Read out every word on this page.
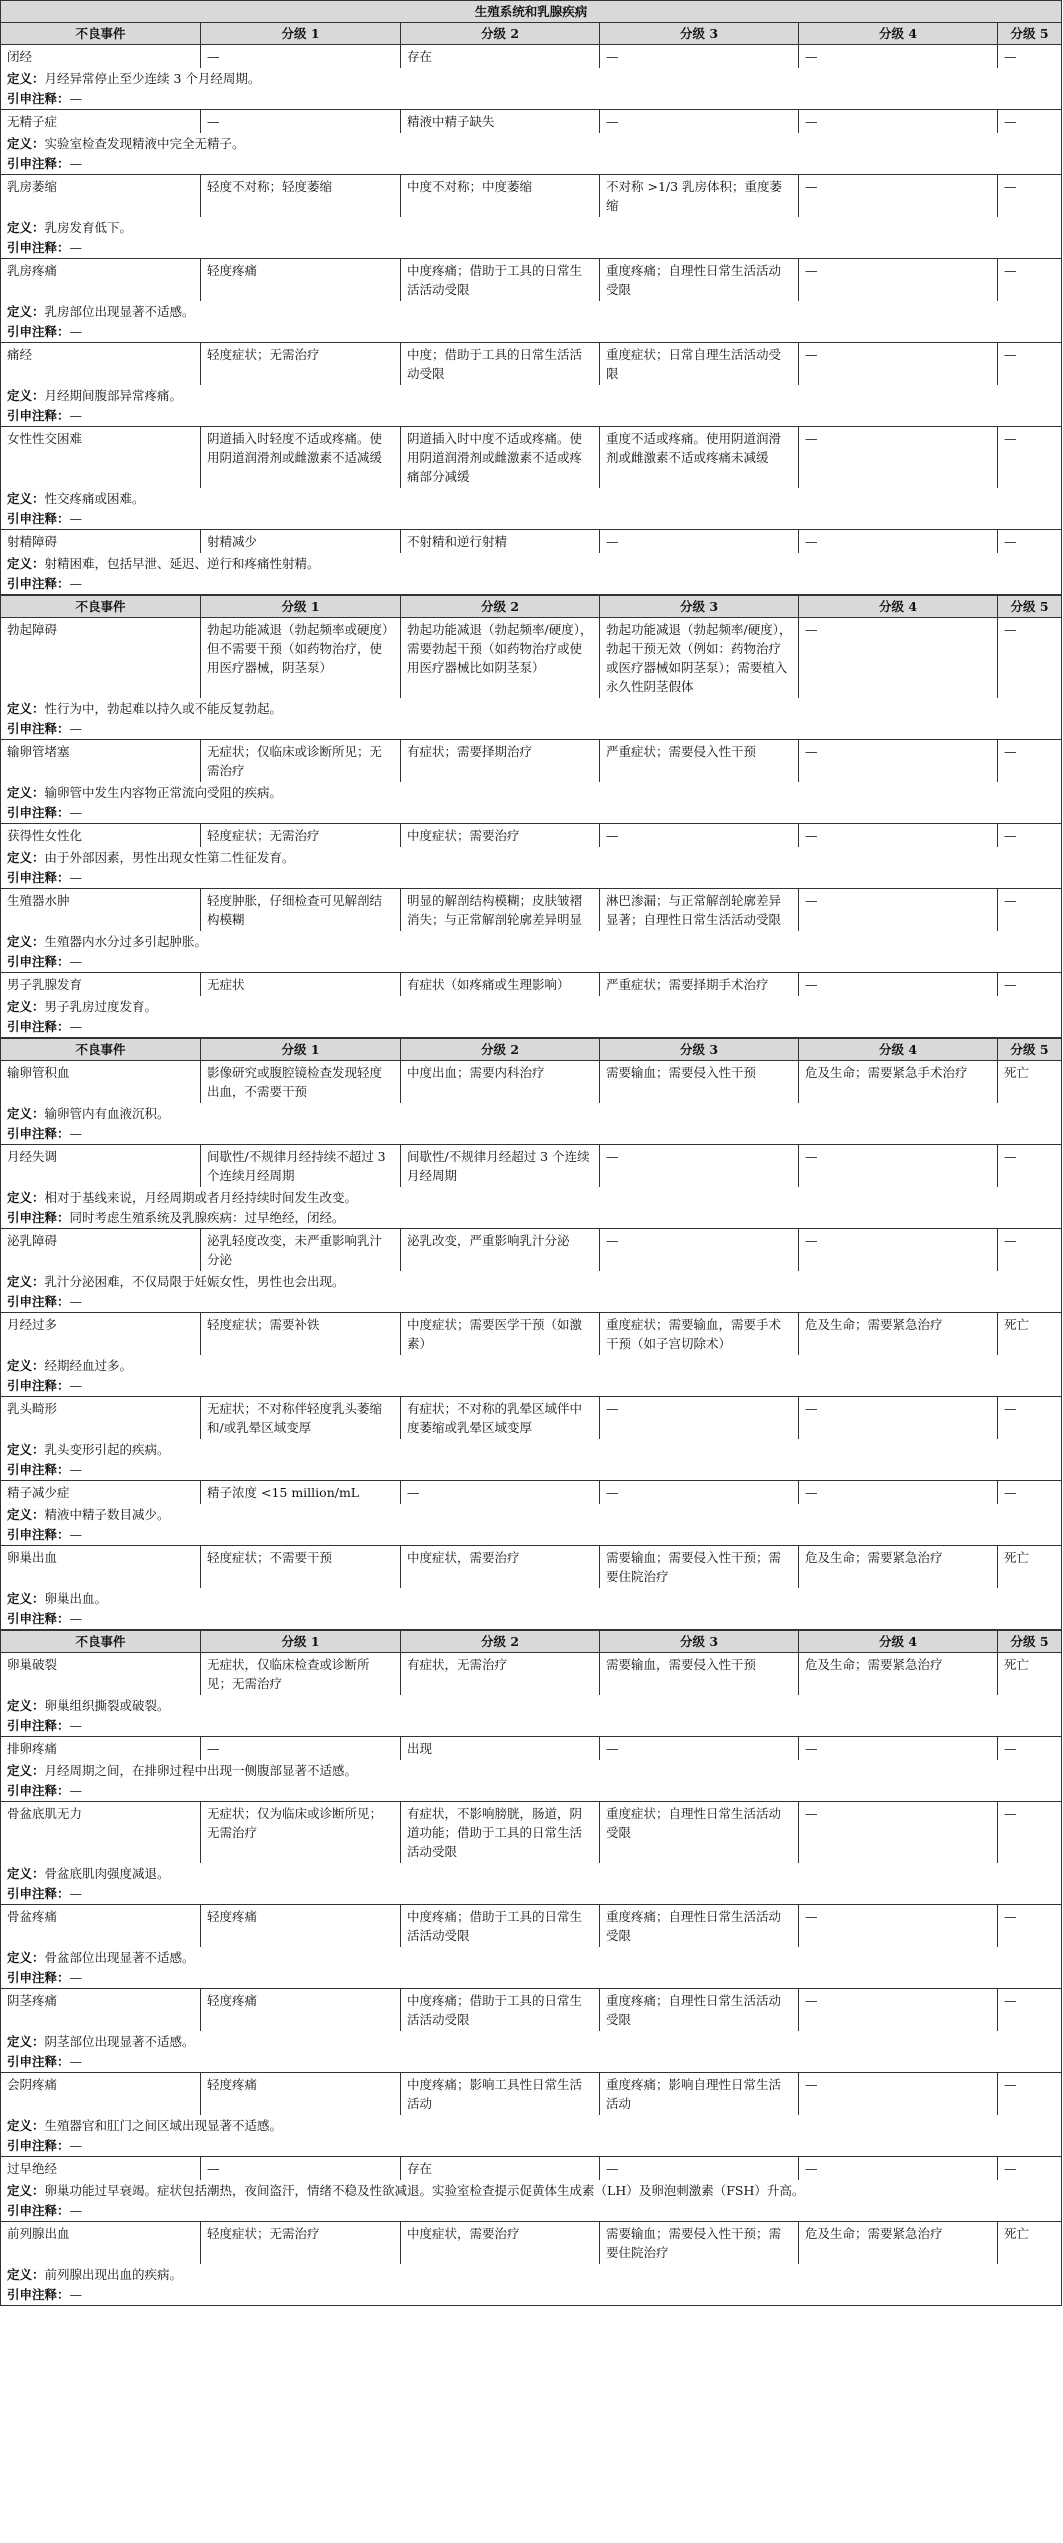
生殖系统和乳腺疾病					
不良事件	分级 1	分级 2	分级 3	分级 4	分级 5
闭经	—	存在	—	—	—
定义：月经异常停止至少连续 3 个月经周期。					
引申注释：—					
无精子症	—	精液中精子缺失	—	—	—
定义：实验室检查发现精液中完全无精子。					
引申注释：—					
乳房萎缩	轻度不对称；轻度萎缩	中度不对称；中度萎缩	不对称 >1/3 乳房体积；重度萎缩	—	—
定义：乳房发育低下。					
引申注释：—					
乳房疼痛	轻度疼痛	中度疼痛；借助于工具的日常生活活动受限	重度疼痛；自理性日常生活活动受限	—	—
定义：乳房部位出现显著不适感。					
引申注释：—					
痛经	轻度症状；无需治疗	中度；借助于工具的日常生活活动受限	重度症状；日常自理生活活动受限	—	—
定义：月经期间腹部异常疼痛。					
引申注释：—					
女性性交困难	阴道插入时轻度不适或疼痛。使用阴道润滑剂或雌激素不适减缓	阴道插入时中度不适或疼痛。使用阴道润滑剂或雌激素不适或疼痛部分减缓	重度不适或疼痛。使用阴道润滑剂或雌激素不适或疼痛未减缓	—	—
定义：性交疼痛或困难。					
引申注释：—					
射精障碍	射精减少	不射精和逆行射精	—	—	—
定义：射精困难，包括早泄、延迟、逆行和疼痛性射精。					
引申注释：—					
不良事件	分级 1	分级 2	分级 3	分级 4	分级 5
勃起障碍	勃起功能减退（勃起频率或硬度）但不需要干预（如药物治疗，使用医疗器械，阴茎泵）	勃起功能减退（勃起频率/硬度），需要勃起干预（如药物治疗或使用医疗器械比如阴茎泵）	勃起功能减退（勃起频率/硬度），勃起干预无效（例如：药物治疗或医疗器械如阴茎泵）；需要植入永久性阴茎假体	—	—
定义：性行为中，勃起难以持久或不能反复勃起。					
引申注释：—					
输卵管堵塞	无症状；仅临床或诊断所见；无需治疗	有症状；需要择期治疗	严重症状；需要侵入性干预	—	—
定义：输卵管中发生内容物正常流向受阻的疾病。					
引申注释：—					
获得性女性化	轻度症状；无需治疗	中度症状；需要治疗	—	—	—
定义：由于外部因素，男性出现女性第二性征发育。					
引申注释：—					
生殖器水肿	轻度肿胀，仔细检查可见解剖结构模糊	明显的解剖结构模糊；皮肤皱褶消失；与正常解剖轮廓差异明显	淋巴渗漏；与正常解剖轮廓差异显著；自理性日常生活活动受限	—	—
定义：生殖器内水分过多引起肿胀。					
引申注释：—					
男子乳腺发育	无症状	有症状（如疼痛或生理影响）	严重症状；需要择期手术治疗	—	—
定义：男子乳房过度发育。					
引申注释：—					
不良事件	分级 1	分级 2	分级 3	分级 4	分级 5
输卵管积血	影像研究或腹腔镜检查发现轻度出血，不需要干预	中度出血；需要内科治疗	需要输血；需要侵入性干预	危及生命；需要紧急手术治疗	死亡
定义：输卵管内有血液沉积。					
引申注释：—					
月经失调	间歇性/不规律月经持续不超过 3 个连续月经周期	间歇性/不规律月经超过 3 个连续月经周期	—	—	—
定义：相对于基线来说，月经周期或者月经持续时间发生改变。					
引申注释：同时考虑生殖系统及乳腺疾病：过早绝经，闭经。					
泌乳障碍	泌乳轻度改变，未严重影响乳汁分泌	泌乳改变，严重影响乳汁分泌	—	—	—
定义：乳汁分泌困难，不仅局限于妊娠女性，男性也会出现。					
引申注释：—					
月经过多	轻度症状；需要补铁	中度症状；需要医学干预（如激素）	重度症状；需要输血，需要手术干预（如子宫切除术）	危及生命；需要紧急治疗	死亡
定义：经期经血过多。					
引申注释：—					
乳头畸形	无症状；不对称伴轻度乳头萎缩和/或乳晕区域变厚	有症状；不对称的乳晕区域伴中度萎缩或乳晕区域变厚	—	—	—
定义：乳头变形引起的疾病。					
引申注释：—					
精子减少症	精子浓度 <15 million/mL	—	—	—	—
定义：精液中精子数目减少。					
引申注释：—					
卵巢出血	轻度症状；不需要干预	中度症状，需要治疗	需要输血；需要侵入性干预；需要住院治疗	危及生命；需要紧急治疗	死亡
定义：卵巢出血。					
引申注释：—					
不良事件	分级 1	分级 2	分级 3	分级 4	分级 5
卵巢破裂	无症状，仅临床检查或诊断所见；无需治疗	有症状，无需治疗	需要输血，需要侵入性干预	危及生命；需要紧急治疗	死亡
定义：卵巢组织撕裂或破裂。					
引申注释：—					
排卵疼痛	—	出现	—	—	—
定义：月经周期之间，在排卵过程中出现一侧腹部显著不适感。					
引申注释：—					
骨盆底肌无力	无症状；仅为临床或诊断所见；无需治疗	有症状，不影响膀胱，肠道，阴道功能；借助于工具的日常生活活动受限	重度症状；自理性日常生活活动受限	—	—
定义：骨盆底肌肉强度减退。					
引申注释：—					
骨盆疼痛	轻度疼痛	中度疼痛；借助于工具的日常生活活动受限	重度疼痛；自理性日常生活活动受限	—	—
定义：骨盆部位出现显著不适感。					
引申注释：—					
阴茎疼痛	轻度疼痛	中度疼痛；借助于工具的日常生活活动受限	重度疼痛；自理性日常生活活动受限	—	—
定义：阴茎部位出现显著不适感。					
引申注释：—					
会阴疼痛	轻度疼痛	中度疼痛；影响工具性日常生活活动	重度疼痛；影响自理性日常生活活动	—	—
定义：生殖器官和肛门之间区域出现显著不适感。					
引申注释：—					
过早绝经	—	存在	—	—	—
定义：卵巢功能过早衰竭。症状包括潮热，夜间盗汗，情绪不稳及性欲减退。实验室检查提示促黄体生成素（LH）及卵泡刺激素（FSH）升高。					
引申注释：—					
前列腺出血	轻度症状；无需治疗	中度症状，需要治疗	需要输血；需要侵入性干预；需要住院治疗	危及生命；需要紧急治疗	死亡
定义：前列腺出现出血的疾病。					
引申注释：—					
